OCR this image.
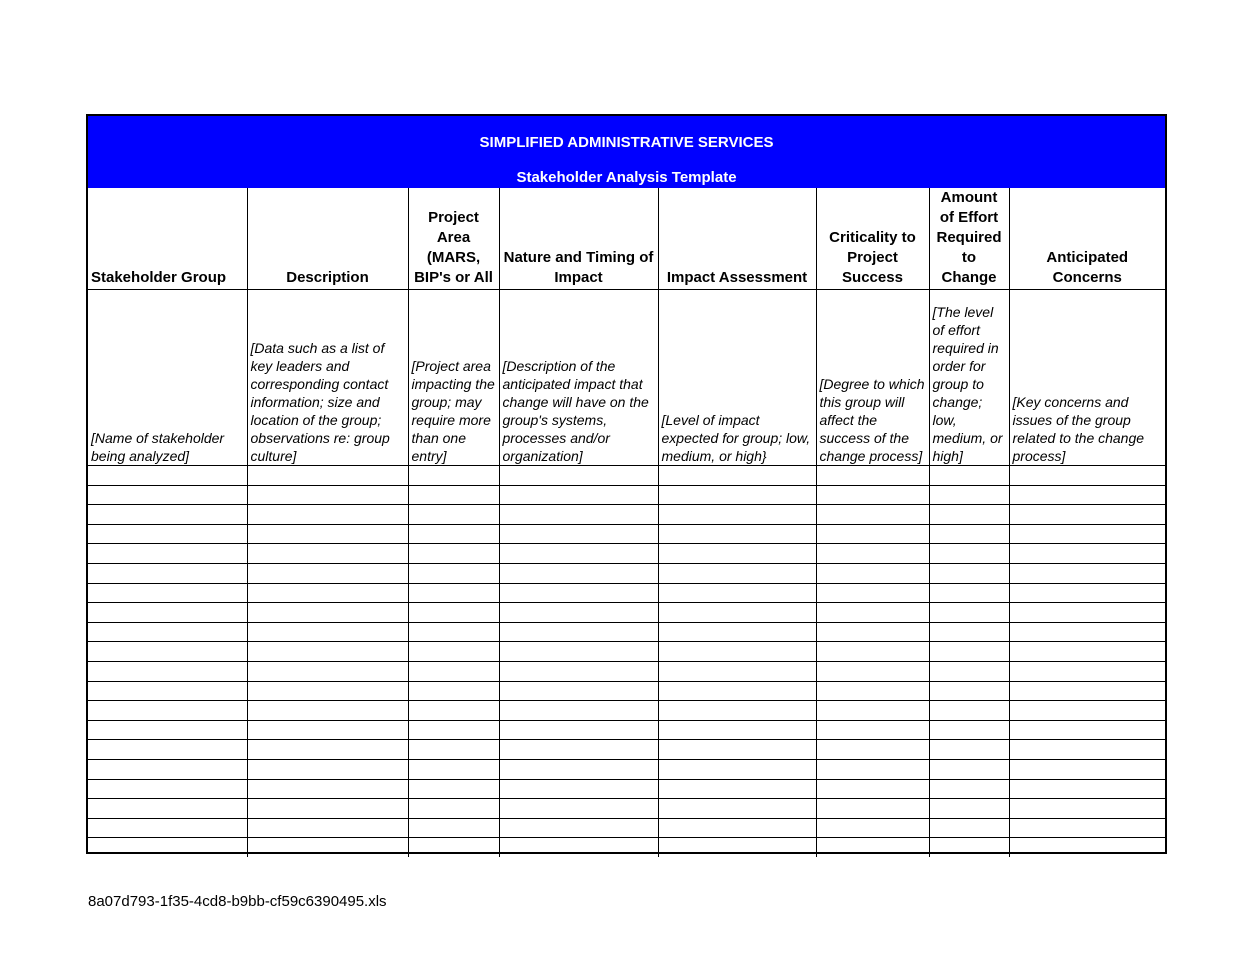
SIMPLIFIED ADMINISTRATIVE SERVICES
Stakeholder Analysis Template
Stakeholder Group	Description	Project Area (MARS, BIP's or All	Nature and Timing of Impact	Impact Assessment	Criticality to Project Success	Amount of Effort Required to Change	Anticipated Concerns
[Name of stakeholder being analyzed]	[Data such as a list of key leaders and corresponding contact information; size and location of the group; observations re: group culture]	[Project area impacting the group; may require more than one entry]	[Description of the anticipated impact that change will have on the group's systems, processes and/or organization]	[Level of impact expected for group; low, medium, or high}	[Degree to which this group will affect the success of the change process]	[The level of effort required in order for group to change; low, medium, or high]	[Key concerns and issues of the group related to the change process]

8a07d793-1f35-4cd8-b9bb-cf59c6390495.xls
